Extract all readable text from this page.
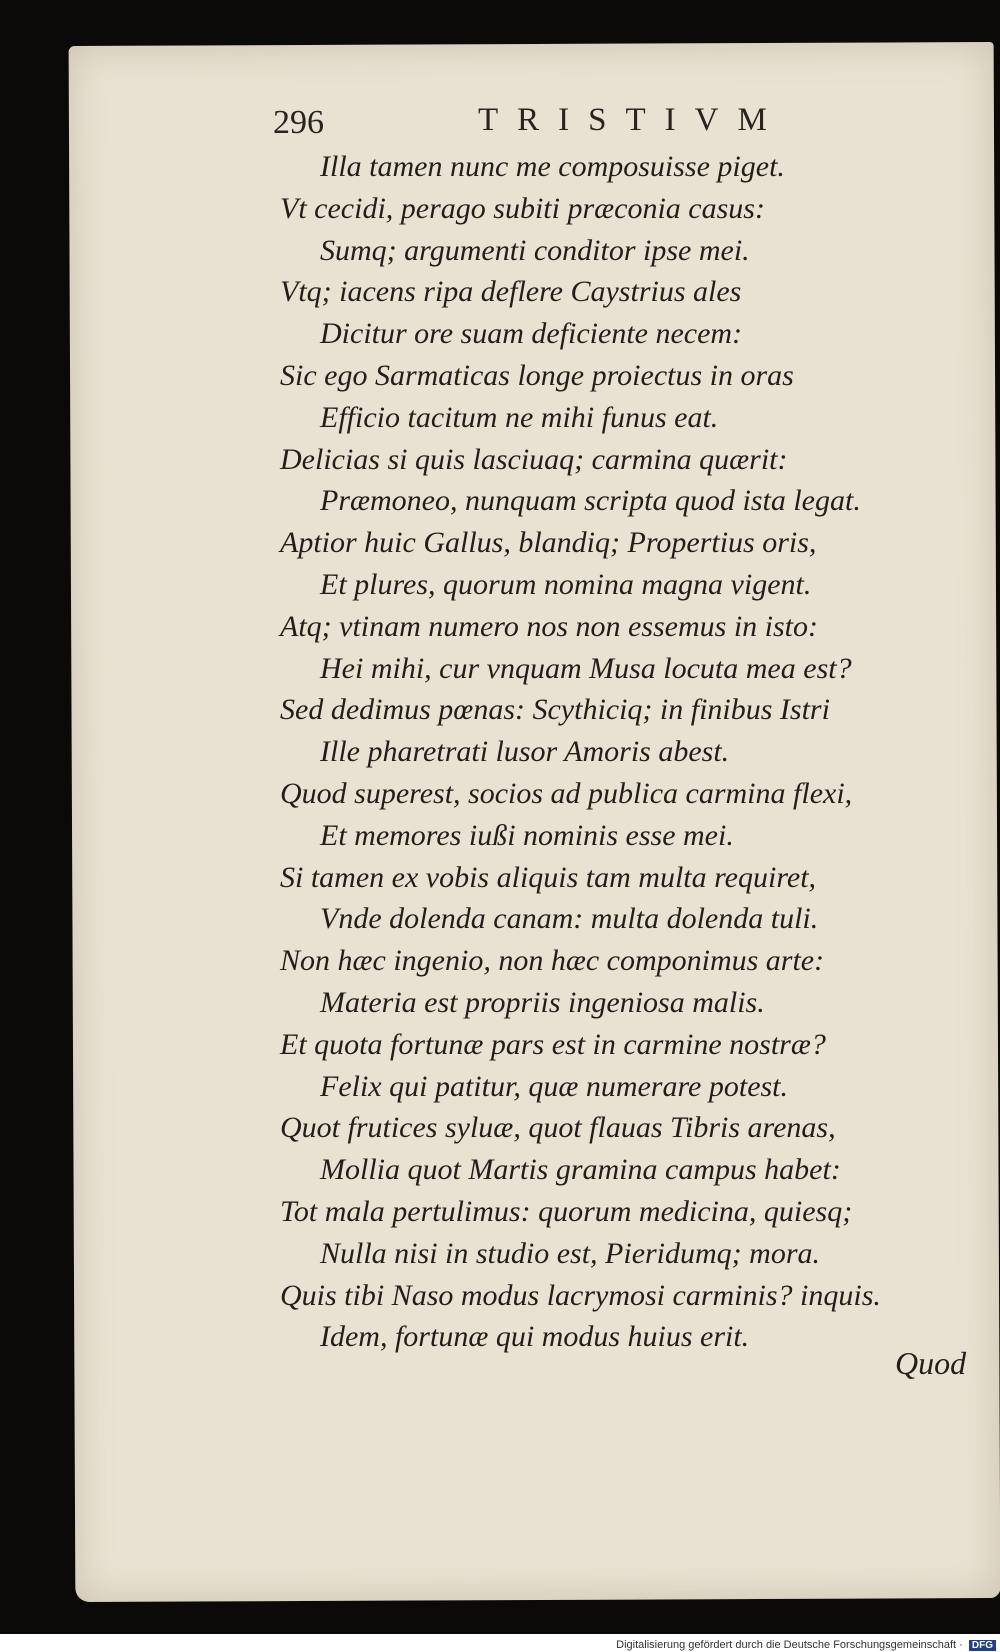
296	TRISTIVM
Illa tamen nunc me composuisse piget.
Vt cecidi, perago subiti præconia casus:
Sumq; argumenti conditor ipse mei.
Vtq; iacens ripa deflere Caystrius ales
Dicitur ore suam deficiente necem:
Sic ego Sarmaticas longe proiectus in oras
Efficio tacitum ne mihi funus eat.
Delicias si quis lasciuaq; carmina quærit:
Præmoneo, nunquam scripta quod ista legat.
Aptior huic Gallus, blandiq; Propertius oris,
Et plures, quorum nomina magna vigent.
Atq; vtinam numero nos non essemus in isto:
Hei mihi, cur vnquam Musa locuta mea est?
Sed dedimus pœnas: Scythiciq; in finibus Istri
Ille pharetrati lusor Amoris abest.
Quod superest, socios ad publica carmina flexi,
Et memores iußi nominis esse mei.
Si tamen ex vobis aliquis tam multa requiret,
Vnde dolenda canam: multa dolenda tuli.
Non hæc ingenio, non hæc componimus arte:
Materia est propriis ingeniosa malis.
Et quota fortunæ pars est in carmine nostræ?
Felix qui patitur, quæ numerare potest.
Quot frutices syluæ, quot flauas Tibris arenas,
Mollia quot Martis gramina campus habet:
Tot mala pertulimus: quorum medicina, quiesq;
Nulla nisi in studio est, Pieridumq; mora.
Quis tibi Naso modus lacrymosi carminis? inquis.
Idem, fortunæ qui modus huius erit.
Quod
Digitalisierung gefördert durch die Deutsche Forschungsgemeinschaft · DFG
